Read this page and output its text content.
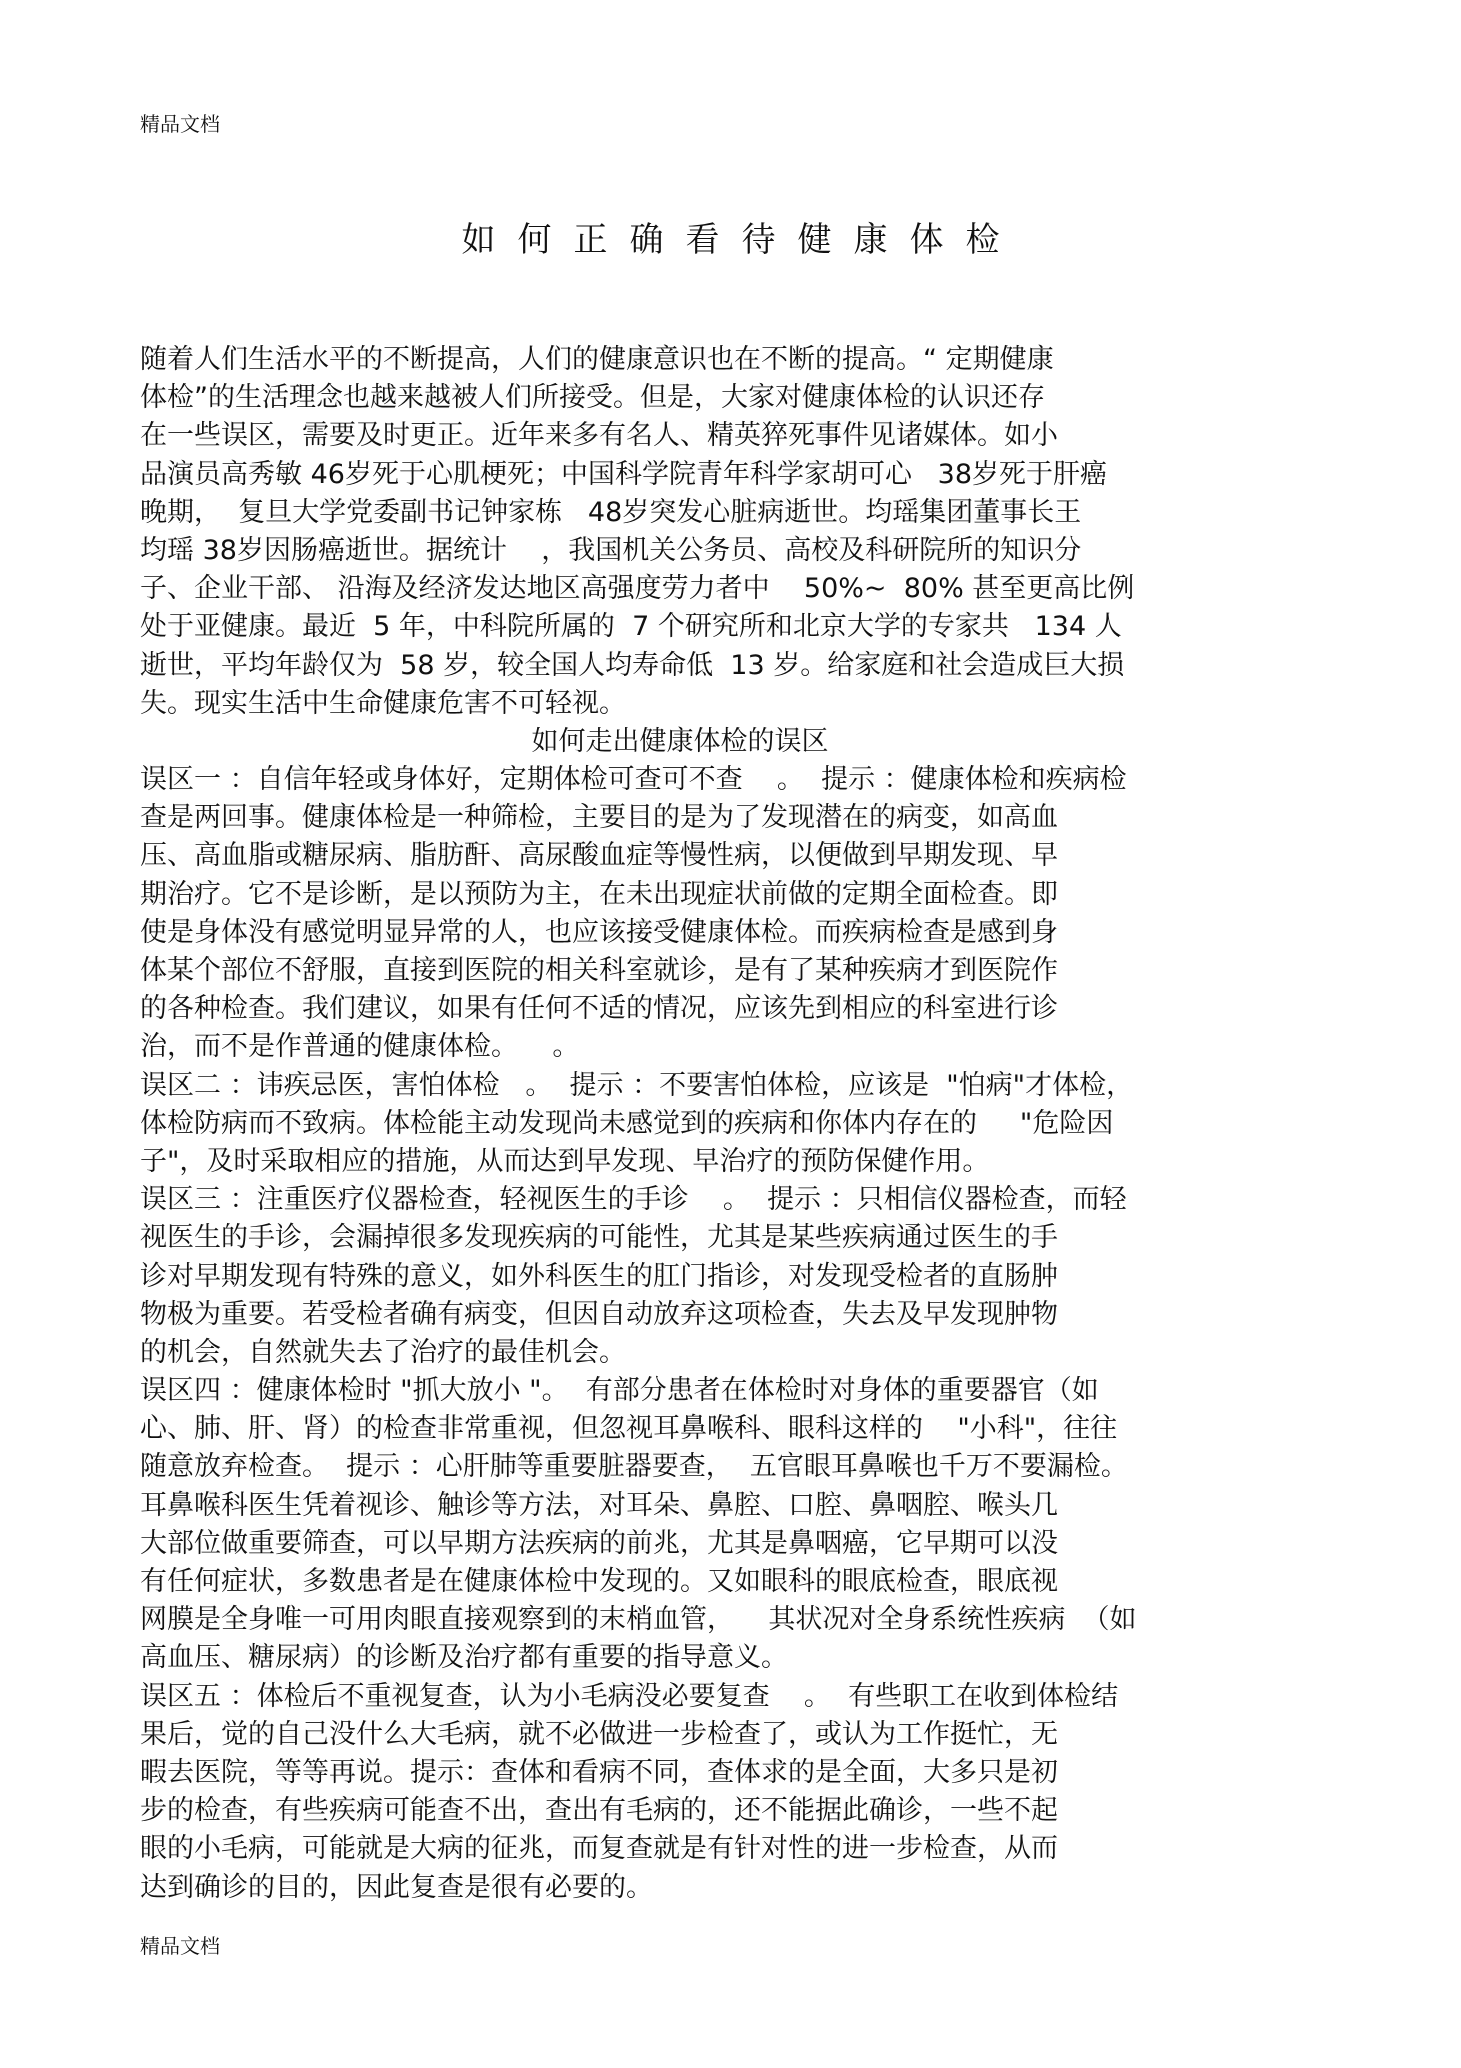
精品文档
如何正确看待健康体检
随着人们生活水平的不断提高，人们的健康意识也在不断的提高。“ 定期健康
体检”的生活理念也越来越被人们所接受。但是，大家对健康体检的认识还存
在一些误区，需要及时更正。近年来多有名人、精英猝死事件见诸媒体。如小
品演员高秀敏 46岁死于心肌梗死；中国科学院青年科学家胡可心   38岁死于肝癌
晚期，  复旦大学党委副书记钟家栋   48岁突发心脏病逝世。均瑶集团董事长王
均瑶 38岁因肠癌逝世。据统计    ，我国机关公务员、高校及科研院所的知识分
子、企业干部、 沿海及经济发达地区高强度劳力者中    50%~  80% 甚至更高比例
处于亚健康。最近  5 年，中科院所属的  7 个研究所和北京大学的专家共   134 人
逝世，平均年龄仅为  58 岁，较全国人均寿命低  13 岁。给家庭和社会造成巨大损
失。现实生活中生命健康危害不可轻视。
如何走出健康体检的误区
误区一 ：自信年轻或身体好，定期体检可查可不查    。  提示 ：健康体检和疾病检
查是两回事。健康体检是一种筛检，主要目的是为了发现潜在的病变，如高血
压、高血脂或糖尿病、脂肪酐、高尿酸血症等慢性病，以便做到早期发现、早
期治疗。它不是诊断，是以预防为主，在未出现症状前做的定期全面检查。即
使是身体没有感觉明显异常的人，也应该接受健康体检。而疾病检查是感到身
体某个部位不舒服，直接到医院的相关科室就诊，是有了某种疾病才到医院作
的各种检查。我们建议，如果有任何不适的情况，应该先到相应的科室进行诊
治，而不是作普通的健康体检。    。
误区二 ：讳疾忌医，害怕体检   。  提示 ：不要害怕体检，应该是  "怕病"才体检，
体检防病而不致病。体检能主动发现尚未感觉到的疾病和你体内存在的     "危险因
子"，及时采取相应的措施，从而达到早发现、早治疗的预防保健作用。
误区三 ：注重医疗仪器检查，轻视医生的手诊    。  提示 ：只相信仪器检查，而轻
视医生的手诊，会漏掉很多发现疾病的可能性，尤其是某些疾病通过医生的手
诊对早期发现有特殊的意义，如外科医生的肛门指诊，对发现受检者的直肠肿
物极为重要。若受检者确有病变，但因自动放弃这项检查，失去及早发现肿物
的机会，自然就失去了治疗的最佳机会。
误区四 ：健康体检时 "抓大放小 "。  有部分患者在体检时对身体的重要器官（如
心、肺、肝、肾）的检查非常重视，但忽视耳鼻喉科、眼科这样的    "小科"，往往
随意放弃检查。  提示 ：心肝肺等重要脏器要查，  五官眼耳鼻喉也千万不要漏检。
耳鼻喉科医生凭着视诊、触诊等方法，对耳朵、鼻腔、口腔、鼻咽腔、喉头几
大部位做重要筛查，可以早期方法疾病的前兆，尤其是鼻咽癌，它早期可以没
有任何症状，多数患者是在健康体检中发现的。又如眼科的眼底检查，眼底视
网膜是全身唯一可用肉眼直接观察到的末梢血管，    其状况对全身系统性疾病  （如
高血压、糖尿病）的诊断及治疗都有重要的指导意义。
误区五 ：体检后不重视复查，认为小毛病没必要复查    。  有些职工在收到体检结
果后，觉的自己没什么大毛病，就不必做进一步检查了，或认为工作挺忙，无
暇去医院，等等再说。提示：查体和看病不同，查体求的是全面，大多只是初
步的检查，有些疾病可能查不出，查出有毛病的，还不能据此确诊，一些不起
眼的小毛病，可能就是大病的征兆，而复查就是有针对性的进一步检查，从而
达到确诊的目的，因此复查是很有必要的。
精品文档
